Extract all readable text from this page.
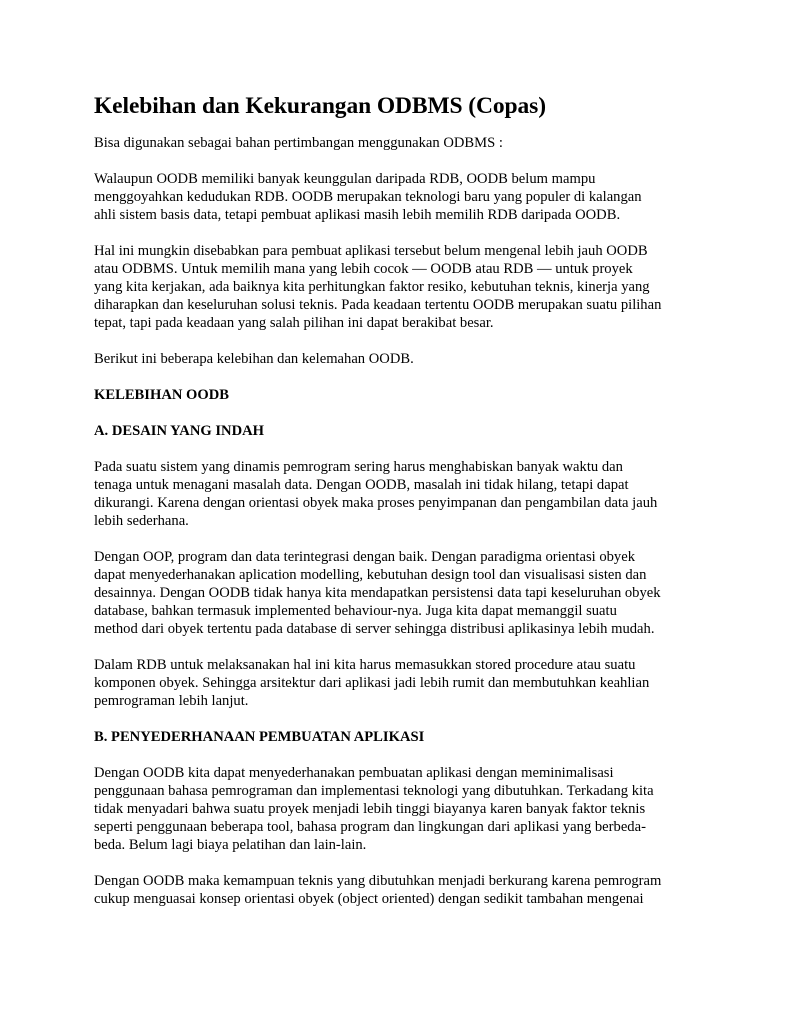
Kelebihan dan Kekurangan ODBMS (Copas)

Bisa digunakan sebagai bahan pertimbangan menggunakan ODBMS :

Walaupun OODB memiliki banyak keunggulan daripada RDB, OODB belum mampu
menggoyahkan kedudukan RDB. OODB merupakan teknologi baru yang populer di kalangan
ahli sistem basis data, tetapi pembuat aplikasi masih lebih memilih RDB daripada OODB.

Hal ini mungkin disebabkan para pembuat aplikasi tersebut belum mengenal lebih jauh OODB
atau ODBMS. Untuk memilih mana yang lebih cocok — OODB atau RDB — untuk proyek
yang kita kerjakan, ada baiknya kita perhitungkan faktor resiko, kebutuhan teknis, kinerja yang
diharapkan dan keseluruhan solusi teknis. Pada keadaan tertentu OODB merupakan suatu pilihan
tepat, tapi pada keadaan yang salah pilihan ini dapat berakibat besar.

Berikut ini beberapa kelebihan dan kelemahan OODB.

KELEBIHAN OODB

A. DESAIN YANG INDAH

Pada suatu sistem yang dinamis pemrogram sering harus menghabiskan banyak waktu dan
tenaga untuk menagani masalah data. Dengan OODB, masalah ini tidak hilang, tetapi dapat
dikurangi. Karena dengan orientasi obyek maka proses penyimpanan dan pengambilan data jauh
lebih sederhana.

Dengan OOP, program dan data terintegrasi dengan baik. Dengan paradigma orientasi obyek
dapat menyederhanakan aplication modelling, kebutuhan design tool dan visualisasi sisten dan
desainnya. Dengan OODB tidak hanya kita mendapatkan persistensi data tapi keseluruhan obyek
database, bahkan termasuk implemented behaviour-nya. Juga kita dapat memanggil suatu
method dari obyek tertentu pada database di server sehingga distribusi aplikasinya lebih mudah.

Dalam RDB untuk melaksanakan hal ini kita harus memasukkan stored procedure atau suatu
komponen obyek. Sehingga arsitektur dari aplikasi jadi lebih rumit dan membutuhkan keahlian
pemrograman lebih lanjut.

B. PENYEDERHANAAN PEMBUATAN APLIKASI

Dengan OODB kita dapat menyederhanakan pembuatan aplikasi dengan meminimalisasi
penggunaan bahasa pemrograman dan implementasi teknologi yang dibutuhkan. Terkadang kita
tidak menyadari bahwa suatu proyek menjadi lebih tinggi biayanya karen banyak faktor teknis
seperti penggunaan beberapa tool, bahasa program dan lingkungan dari aplikasi yang berbeda-
beda. Belum lagi biaya pelatihan dan lain-lain.

Dengan OODB maka kemampuan teknis yang dibutuhkan menjadi berkurang karena pemrogram
cukup menguasai konsep orientasi obyek (object oriented) dengan sedikit tambahan mengenai
